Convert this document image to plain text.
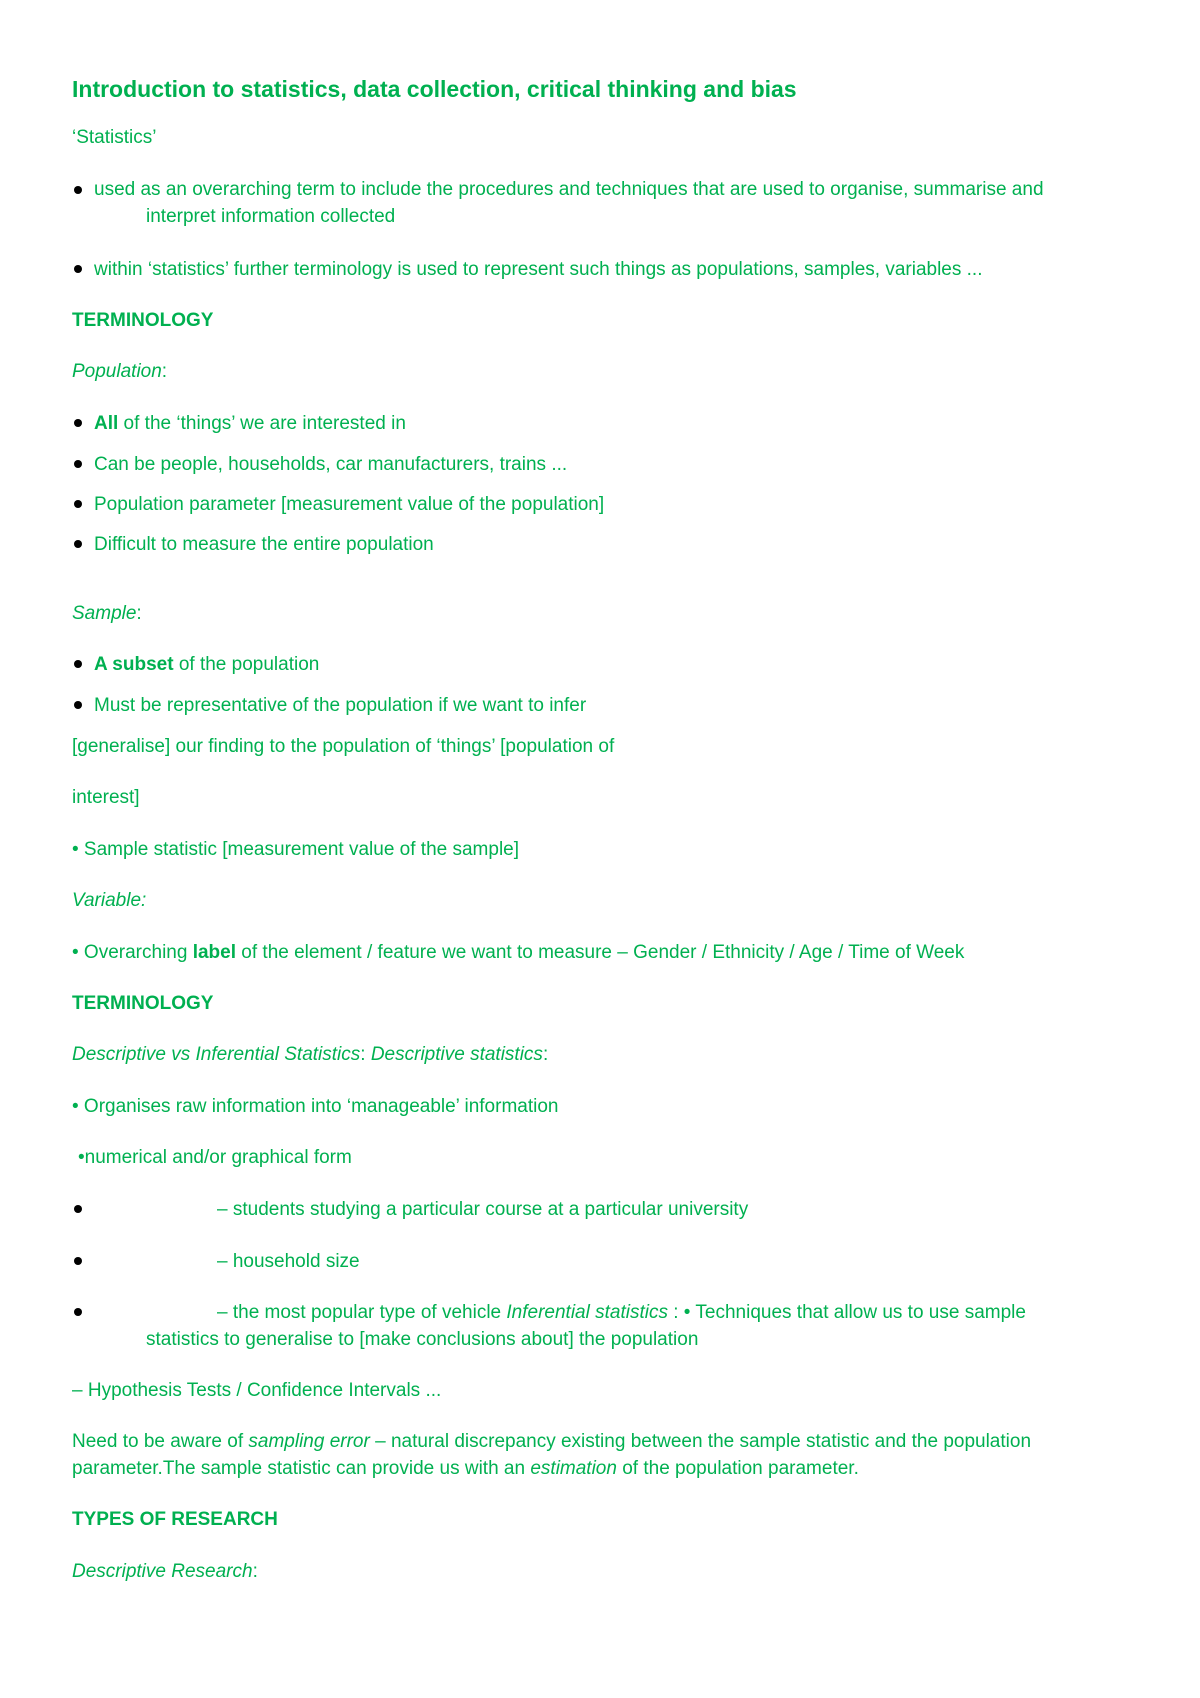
Introduction to statistics, data collection, critical thinking and bias
‘Statistics’
used as an overarching term to include the procedures and techniques that are used to organise, summarise and
interpret information collected
within ‘statistics’ further terminology is used to represent such things as populations, samples, variables ...
TERMINOLOGY
Population:
All of the ‘things’ we are interested in
Can be people, households, car manufacturers, trains ...
Population parameter [measurement value of the population]
Difficult to measure the entire population
Sample:
A subset of the population
Must be representative of the population if we want to infer
[generalise] our finding to the population of ‘things’ [population of
interest]
• Sample statistic [measurement value of the sample]
Variable:
• Overarching label of the element / feature we want to measure – Gender / Ethnicity / Age / Time of Week
TERMINOLOGY
Descriptive vs Inferential Statistics: Descriptive statistics:
• Organises raw information into ‘manageable’ information
•numerical and/or graphical form
– students studying a particular course at a particular university
– household size
– the most popular type of vehicle Inferential statistics : • Techniques that allow us to use sample
statistics to generalise to [make conclusions about] the population
– Hypothesis Tests / Confidence Intervals ...
Need to be aware of sampling error – natural discrepancy existing between the sample statistic and the population
parameter.The sample statistic can provide us with an estimation of the population parameter.
TYPES OF RESEARCH
Descriptive Research:
